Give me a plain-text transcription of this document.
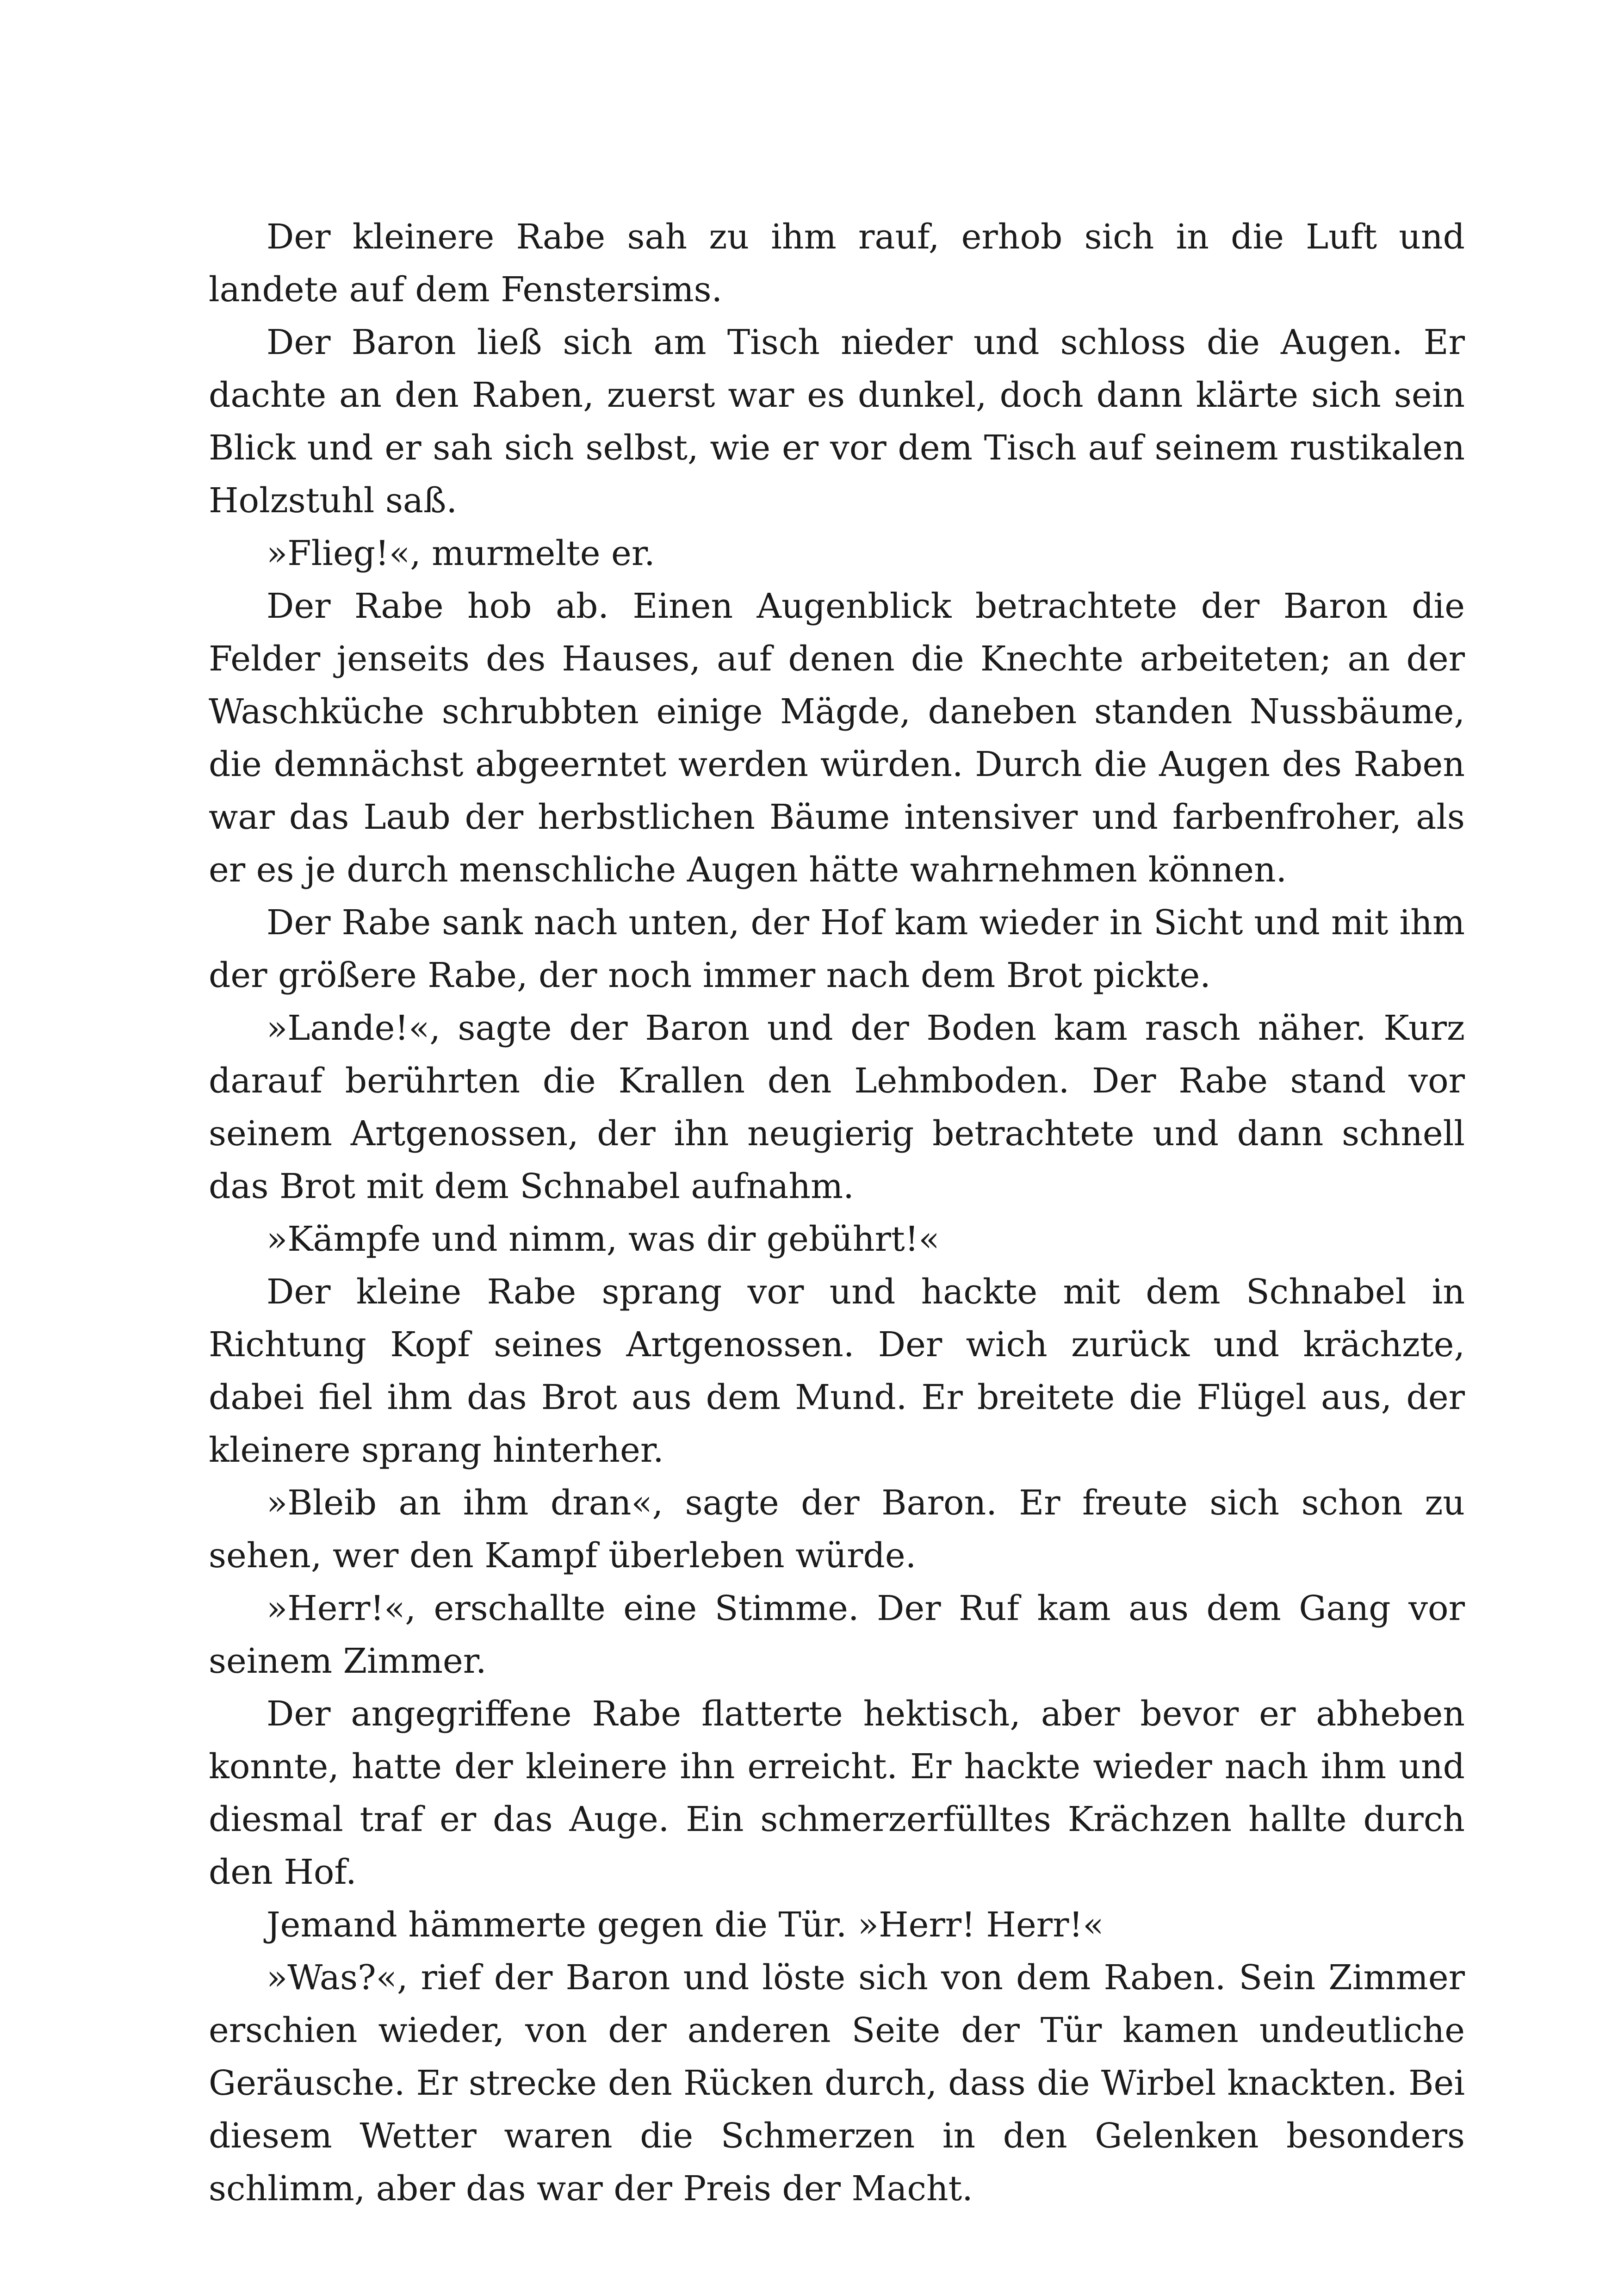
Der kleinere Rabe sah zu ihm rauf, erhob sich in die Luft und landete auf dem Fenstersims.

Der Baron ließ sich am Tisch nieder und schloss die Augen. Er dachte an den Raben, zuerst war es dunkel, doch dann klärte sich sein Blick und er sah sich selbst, wie er vor dem Tisch auf seinem rustikalen Holzstuhl saß.

»Flieg!«, murmelte er.

Der Rabe hob ab. Einen Augenblick betrachtete der Baron die Felder jenseits des Hauses, auf denen die Knechte arbeiteten; an der Waschküche schrubbten einige Mägde, daneben standen Nussbäume, die demnächst abgeerntet werden würden. Durch die Augen des Raben war das Laub der herbstlichen Bäume intensiver und farbenfroher, als er es je durch menschliche Augen hätte wahrnehmen können.

Der Rabe sank nach unten, der Hof kam wieder in Sicht und mit ihm der größere Rabe, der noch immer nach dem Brot pickte.

»Lande!«, sagte der Baron und der Boden kam rasch näher. Kurz darauf berührten die Krallen den Lehmboden. Der Rabe stand vor seinem Artgenossen, der ihn neugierig betrachtete und dann schnell das Brot mit dem Schnabel aufnahm.

»Kämpfe und nimm, was dir gebührt!«

Der kleine Rabe sprang vor und hackte mit dem Schnabel in Richtung Kopf seines Artgenossen. Der wich zurück und krächzte, dabei fiel ihm das Brot aus dem Mund. Er breitete die Flügel aus, der kleinere sprang hinterher.

»Bleib an ihm dran«, sagte der Baron. Er freute sich schon zu sehen, wer den Kampf überleben würde.

»Herr!«, erschallte eine Stimme. Der Ruf kam aus dem Gang vor seinem Zimmer.

Der angegriffene Rabe flatterte hektisch, aber bevor er abheben konnte, hatte der kleinere ihn erreicht. Er hackte wieder nach ihm und diesmal traf er das Auge. Ein schmerzerfülltes Krächzen hallte durch den Hof.

Jemand hämmerte gegen die Tür. »Herr! Herr!«

»Was?«, rief der Baron und löste sich von dem Raben. Sein Zimmer erschien wieder, von der anderen Seite der Tür kamen undeutliche Geräusche. Er strecke den Rücken durch, dass die Wirbel knackten. Bei diesem Wetter waren die Schmerzen in den Gelenken besonders schlimm, aber das war der Preis der Macht.
